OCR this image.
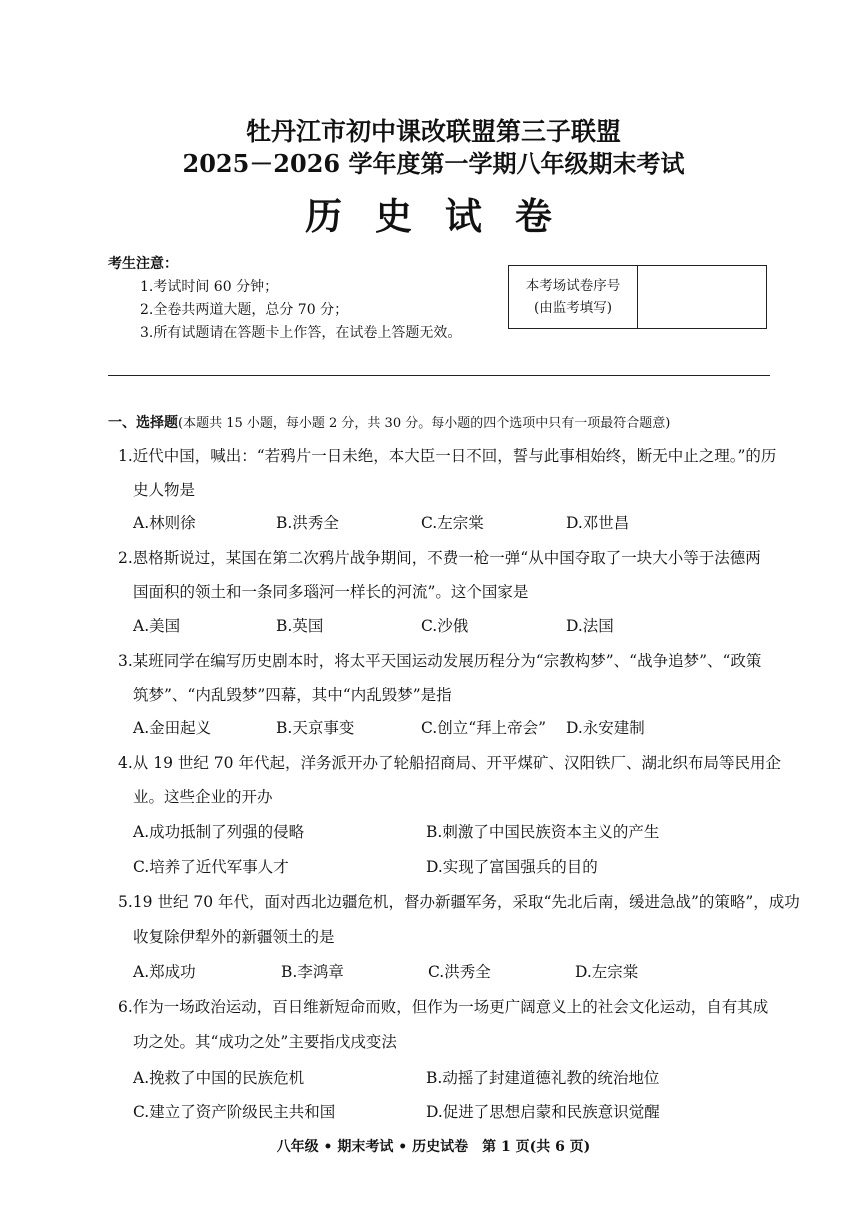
牡丹江市初中课改联盟第三子联盟
2025－2026 学年度第一学期八年级期末考试
历 史 试 卷
考生注意：
1.考试时间 60 分钟；
2.全卷共两道大题，总分 70 分；
3.所有试题请在答题卡上作答，在试卷上答题无效。
本考场试卷序号
(由监考填写)
一、选择题(本题共 15 小题，每小题 2 分，共 30 分。每小题的四个选项中只有一项最符合题意)
1.近代中国，喊出：“若鸦片一日未绝，本大臣一日不回，誓与此事相始终，断无中止之理。”的历
史人物是
A.林则徐	B.洪秀全	C.左宗棠	D.邓世昌
2.恩格斯说过，某国在第二次鸦片战争期间，不费一枪一弹“从中国夺取了一块大小等于法德两
国面积的领土和一条同多瑙河一样长的河流”。这个国家是
A.美国	B.英国	C.沙俄	D.法国
3.某班同学在编写历史剧本时，将太平天国运动发展历程分为“宗教构梦”、“战争追梦”、“政策
筑梦”、“内乱毁梦”四幕，其中“内乱毁梦”是指
A.金田起义	B.天京事变	C.创立“拜上帝会” D.永安建制
4.从 19 世纪 70 年代起，洋务派开办了轮船招商局、开平煤矿、汉阳铁厂、湖北织布局等民用企
业。这些企业的开办
A.成功抵制了列强的侵略	B.刺激了中国民族资本主义的产生
C.培养了近代军事人才	D.实现了富国强兵的目的
5.19 世纪 70 年代，面对西北边疆危机，督办新疆军务，采取“先北后南，缓进急战”的策略”，成功
收复除伊犁外的新疆领土的是
A.郑成功	B.李鸿章	C.洪秀全	D.左宗棠
6.作为一场政治运动，百日维新短命而败，但作为一场更广阔意义上的社会文化运动，自有其成
功之处。其“成功之处”主要指戊戌变法
A.挽救了中国的民族危机	B.动摇了封建道德礼教的统治地位
C.建立了资产阶级民主共和国	D.促进了思想启蒙和民族意识觉醒
八年级 • 期末考试 • 历史试卷　第 1 页(共 6 页)
